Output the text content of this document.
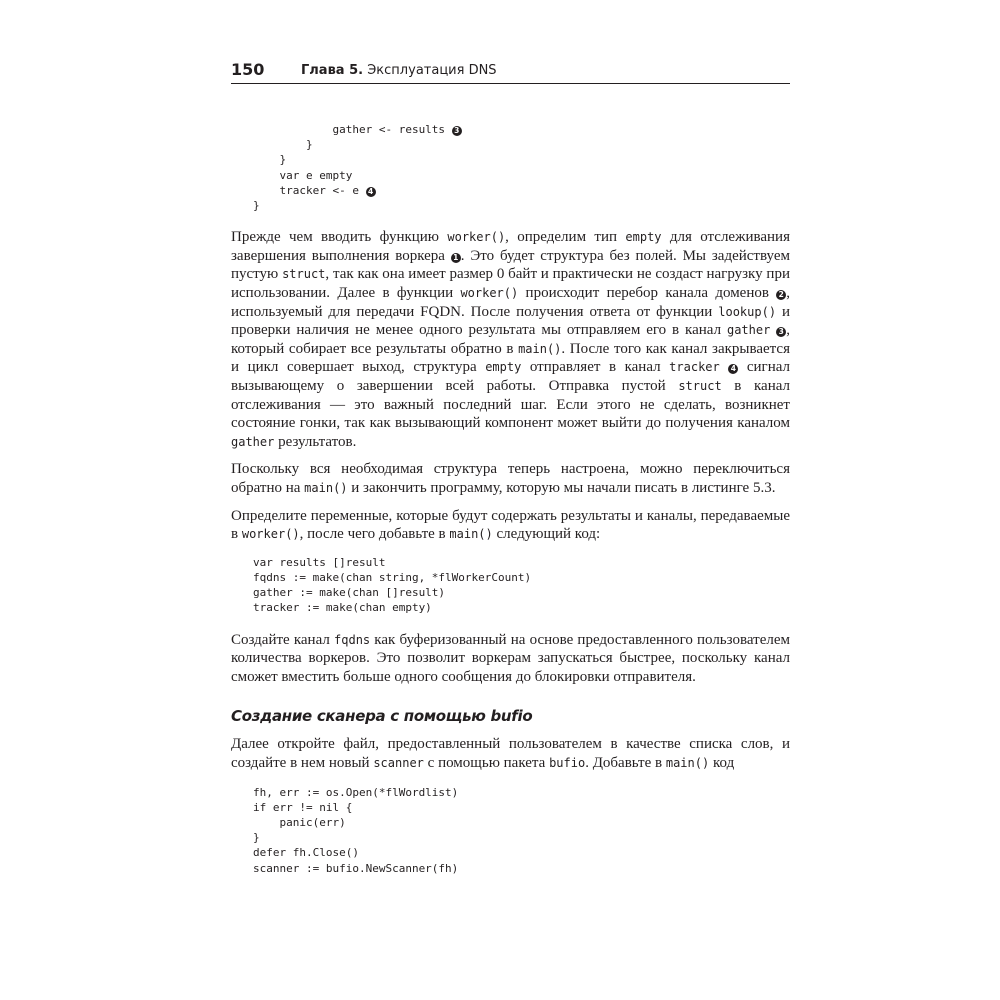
150	Глава 5. Эксплуатация DNS
gather <- results 3
}
}
var e empty
tracker <- e 4
}

Прежде чем вводить функцию worker(), определим тип empty для отслеживания завершения выполнения воркера 1 . Это будет структура без полей. Мы задействуем пустую struct, так как она имеет размер 0 байт и практически не создаст нагрузку при использовании. Далее в функции worker() происходит перебор канала доменов 2 , используемый для передачи FQDN. После получения ответа от функции lookup() и проверки наличия не менее одного результата мы отправляем его в канал gather 3 , который собирает все результаты обратно в main(). После того как канал закрывается и цикл совершает выход, структура empty отправляет в канал tracker 4 сигнал вызывающему о завершении всей работы. Отправка пустой struct в канал отслеживания — это важный последний шаг. Если этого не сделать, возникнет состояние гонки, так как вызывающий компонент может выйти до получения каналом gather результатов.

Поскольку вся необходимая структура теперь настроена, можно переключиться обратно на main() и закончить программу, которую мы начали писать в листинге 5.3.

Определите переменные, которые будут содержать результаты и каналы, передаваемые в worker(), после чего добавьте в main() следующий код:

var results []result
fqdns := make(chan string, *flWorkerCount)
gather := make(chan []result)
tracker := make(chan empty)

Создайте канал fqdns как буферизованный на основе предоставленного пользователем количества воркеров. Это позволит воркерам запускаться быстрее, поскольку канал сможет вместить больше одного сообщения до блокировки отправителя.

Создание сканера с помощью bufio

Далее откройте файл, предоставленный пользователем в качестве списка слов, и создайте в нем новый scanner с помощью пакета bufio. Добавьте в main() код

fh, err := os.Open(*flWordlist)
if err != nil {
panic(err)
}
defer fh.Close()
scanner := bufio.NewScanner(fh)
